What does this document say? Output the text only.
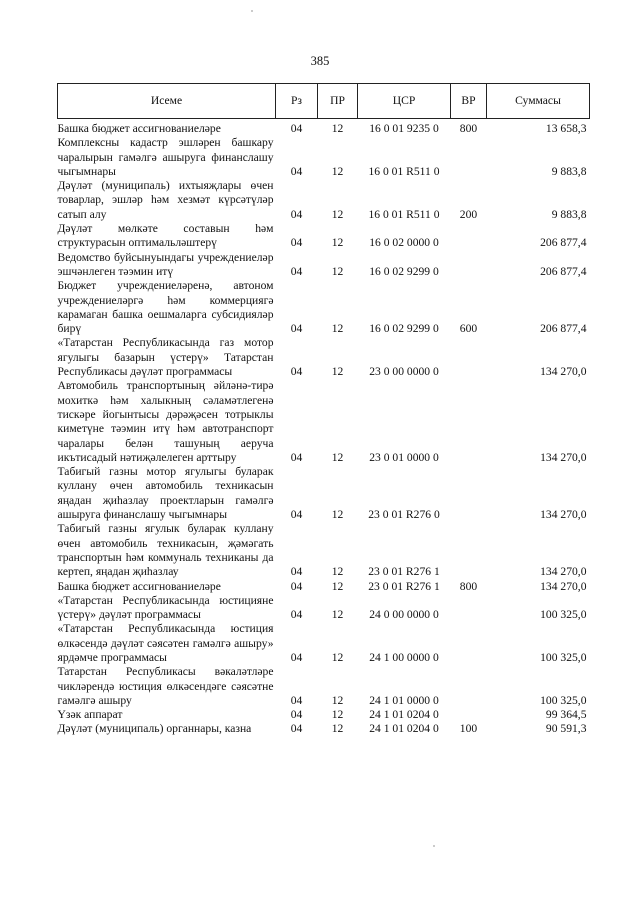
385
Исеме	Рз	ПР	ЦСР	ВР	Суммасы
Башка бюджет ассигнованиеләре	04	12	16 0 01 9235 0	800	13 658,3
Комплексны кадастр эшләрен башкару чаралырын гамәлгә ашыруга финанслашу чыгымнары	04	12	16 0 01 R511 0		9 883,8
Дәүләт (муниципаль) ихтыяҗлары өчен товарлар, эшләр һәм хезмәт күрсәтүләр сатып алу	04	12	16 0 01 R511 0	200	9 883,8
Дәүләт мөлкәте составын һәм структурасын оптимальләштерү	04	12	16 0 02 0000 0		206 877,4
Ведомство буйсынуындагы учреждениеләр эшчәнлеген тәэмин итү	04	12	16 0 02 9299 0		206 877,4
Бюджет учреждениеләренә, автоном учреждениеләргә һәм коммерциягә карамаган башка оешмаларга субсидияләр бирү	04	12	16 0 02 9299 0	600	206 877,4
«Татарстан Республикасында газ мотор ягулыгы базарын үстерү» Татарстан Республикасы дәүләт программасы	04	12	23 0 00 0000 0		134 270,0
Автомобиль транспортының әйләнә-тирә мохиткә һәм халыкның сәламәтлегенә тискәре йогынтысы дәрәҗәсен тотрыклы киметүне тәэмин итү һәм автотранспорт чаралары белән ташуның аеруча икътисадый нәтиҗәлелеген арттыру	04	12	23 0 01 0000 0		134 270,0
Табигый газны мотор ягулыгы буларак куллану өчен автомобиль техникасын яңадан җиһазлау проектларын гамәлгә ашыруга финанслашу чыгымнары	04	12	23 0 01 R276 0		134 270,0
Табигый газны ягулык буларак куллану өчен автомобиль техникасын, җәмәгать транспортын һәм коммуналь техниканы да кертеп, яңадан җиһазлау	04	12	23 0 01 R276 1		134 270,0
Башка бюджет ассигнованиеләре	04	12	23 0 01 R276 1	800	134 270,0
«Татарстан Республикасында юстицияне үстерү» дәүләт программасы	04	12	24 0 00 0000 0		100 325,0
«Татарстан Республикасында юстиция өлкәсендә дәүләт сәясәтен гамәлгә ашыру» ярдәмче программасы	04	12	24 1 00 0000 0		100 325,0
Татарстан Республикасы вәкаләтләре чикләрендә юстиция өлкәсендәге сәясәтне гамәлгә ашыру	04	12	24 1 01 0000 0		100 325,0
Үзәк аппарат	04	12	24 1 01 0204 0		99 364,5
Дәүләт (муниципаль) органнары, казна	04	12	24 1 01 0204 0	100	90 591,3
